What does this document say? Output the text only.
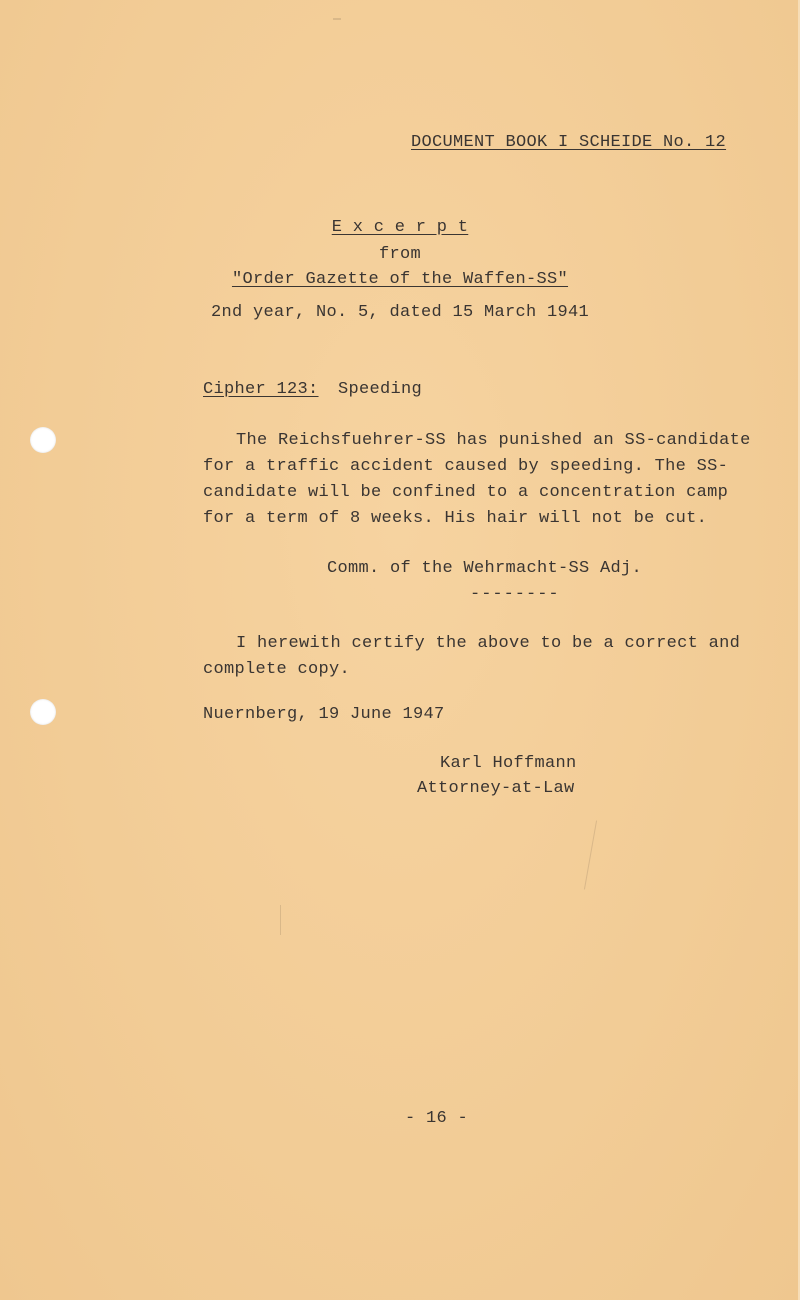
DOCUMENT BOOK I SCHEIDE No. 12
E x c e r p t
from
"Order Gazette of the Waffen-SS"
2nd year, No. 5, dated 15 March 1941
Cipher 123: Speeding
The Reichsfuehrer-SS has punished an SS-candidate
for a traffic accident caused by speeding. The SS-
candidate will be confined to a concentration camp
for a term of 8 weeks. His hair will not be cut.
Comm. of the Wehrmacht-SS Adj.
--------
I herewith certify the above to be a correct and
complete copy.
Nuernberg, 19 June 1947
Karl Hoffmann
Attorney-at-Law
- 16 -
